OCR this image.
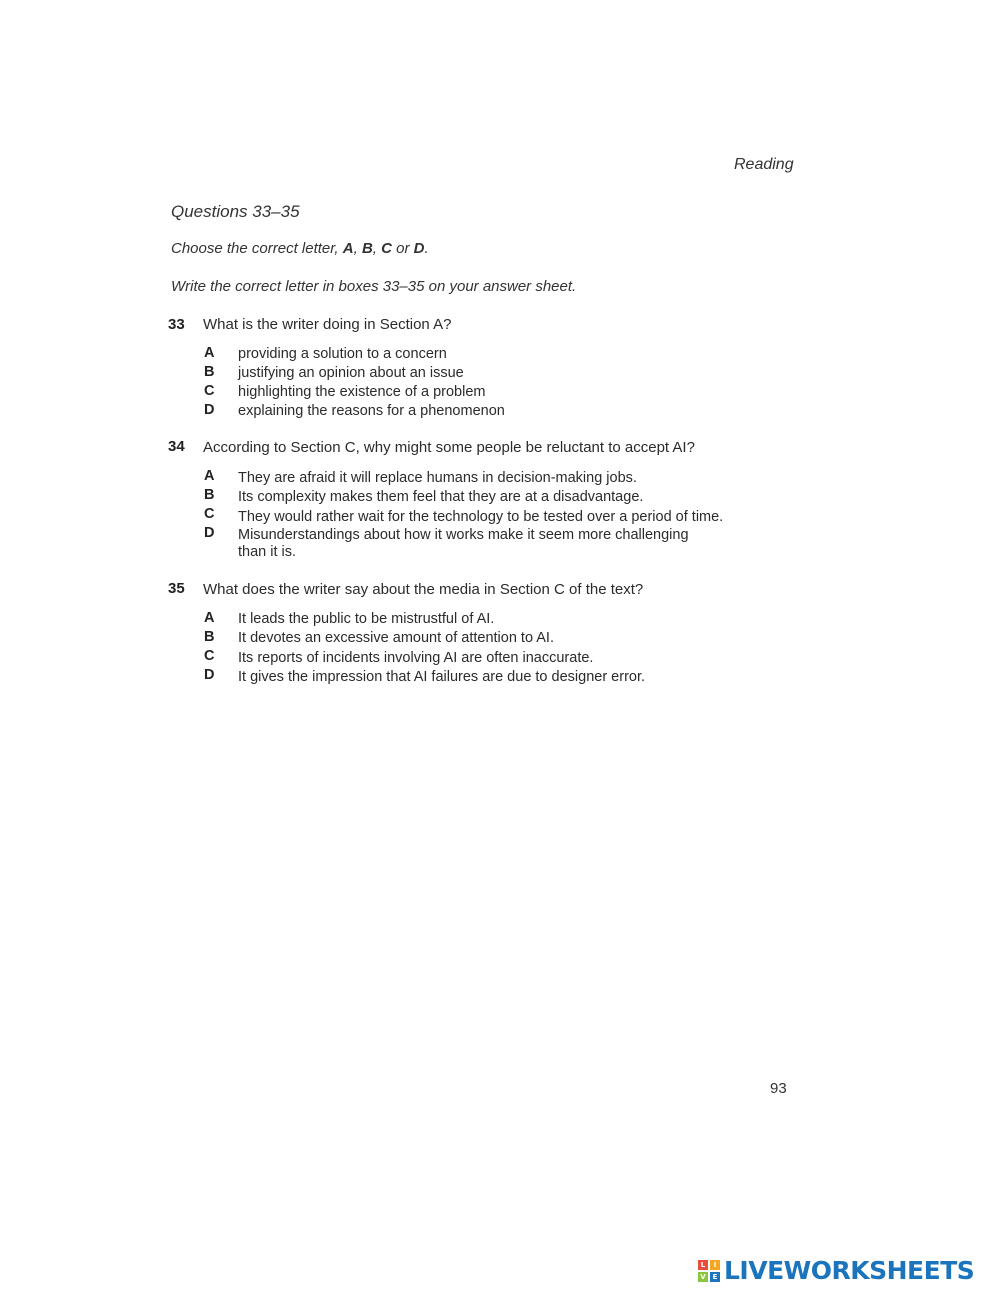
Reading
Questions 33–35
Choose the correct letter, A, B, C or D.
Write the correct letter in boxes 33–35 on your answer sheet.
33 What is the writer doing in Section A?
A providing a solution to a concern
B justifying an opinion about an issue
C highlighting the existence of a problem
D explaining the reasons for a phenomenon
34 According to Section C, why might some people be reluctant to accept AI?
A They are afraid it will replace humans in decision-making jobs.
B Its complexity makes them feel that they are at a disadvantage.
C They would rather wait for the technology to be tested over a period of time.
D Misunderstandings about how it works make it seem more challenging
than it is.
35 What does the writer say about the media in Section C of the text?
A It leads the public to be mistrustful of AI.
B It devotes an excessive amount of attention to AI.
C Its reports of incidents involving AI are often inaccurate.
D It gives the impression that AI failures are due to designer error.
93
L	I
V E LIVEWORKSHEETS
